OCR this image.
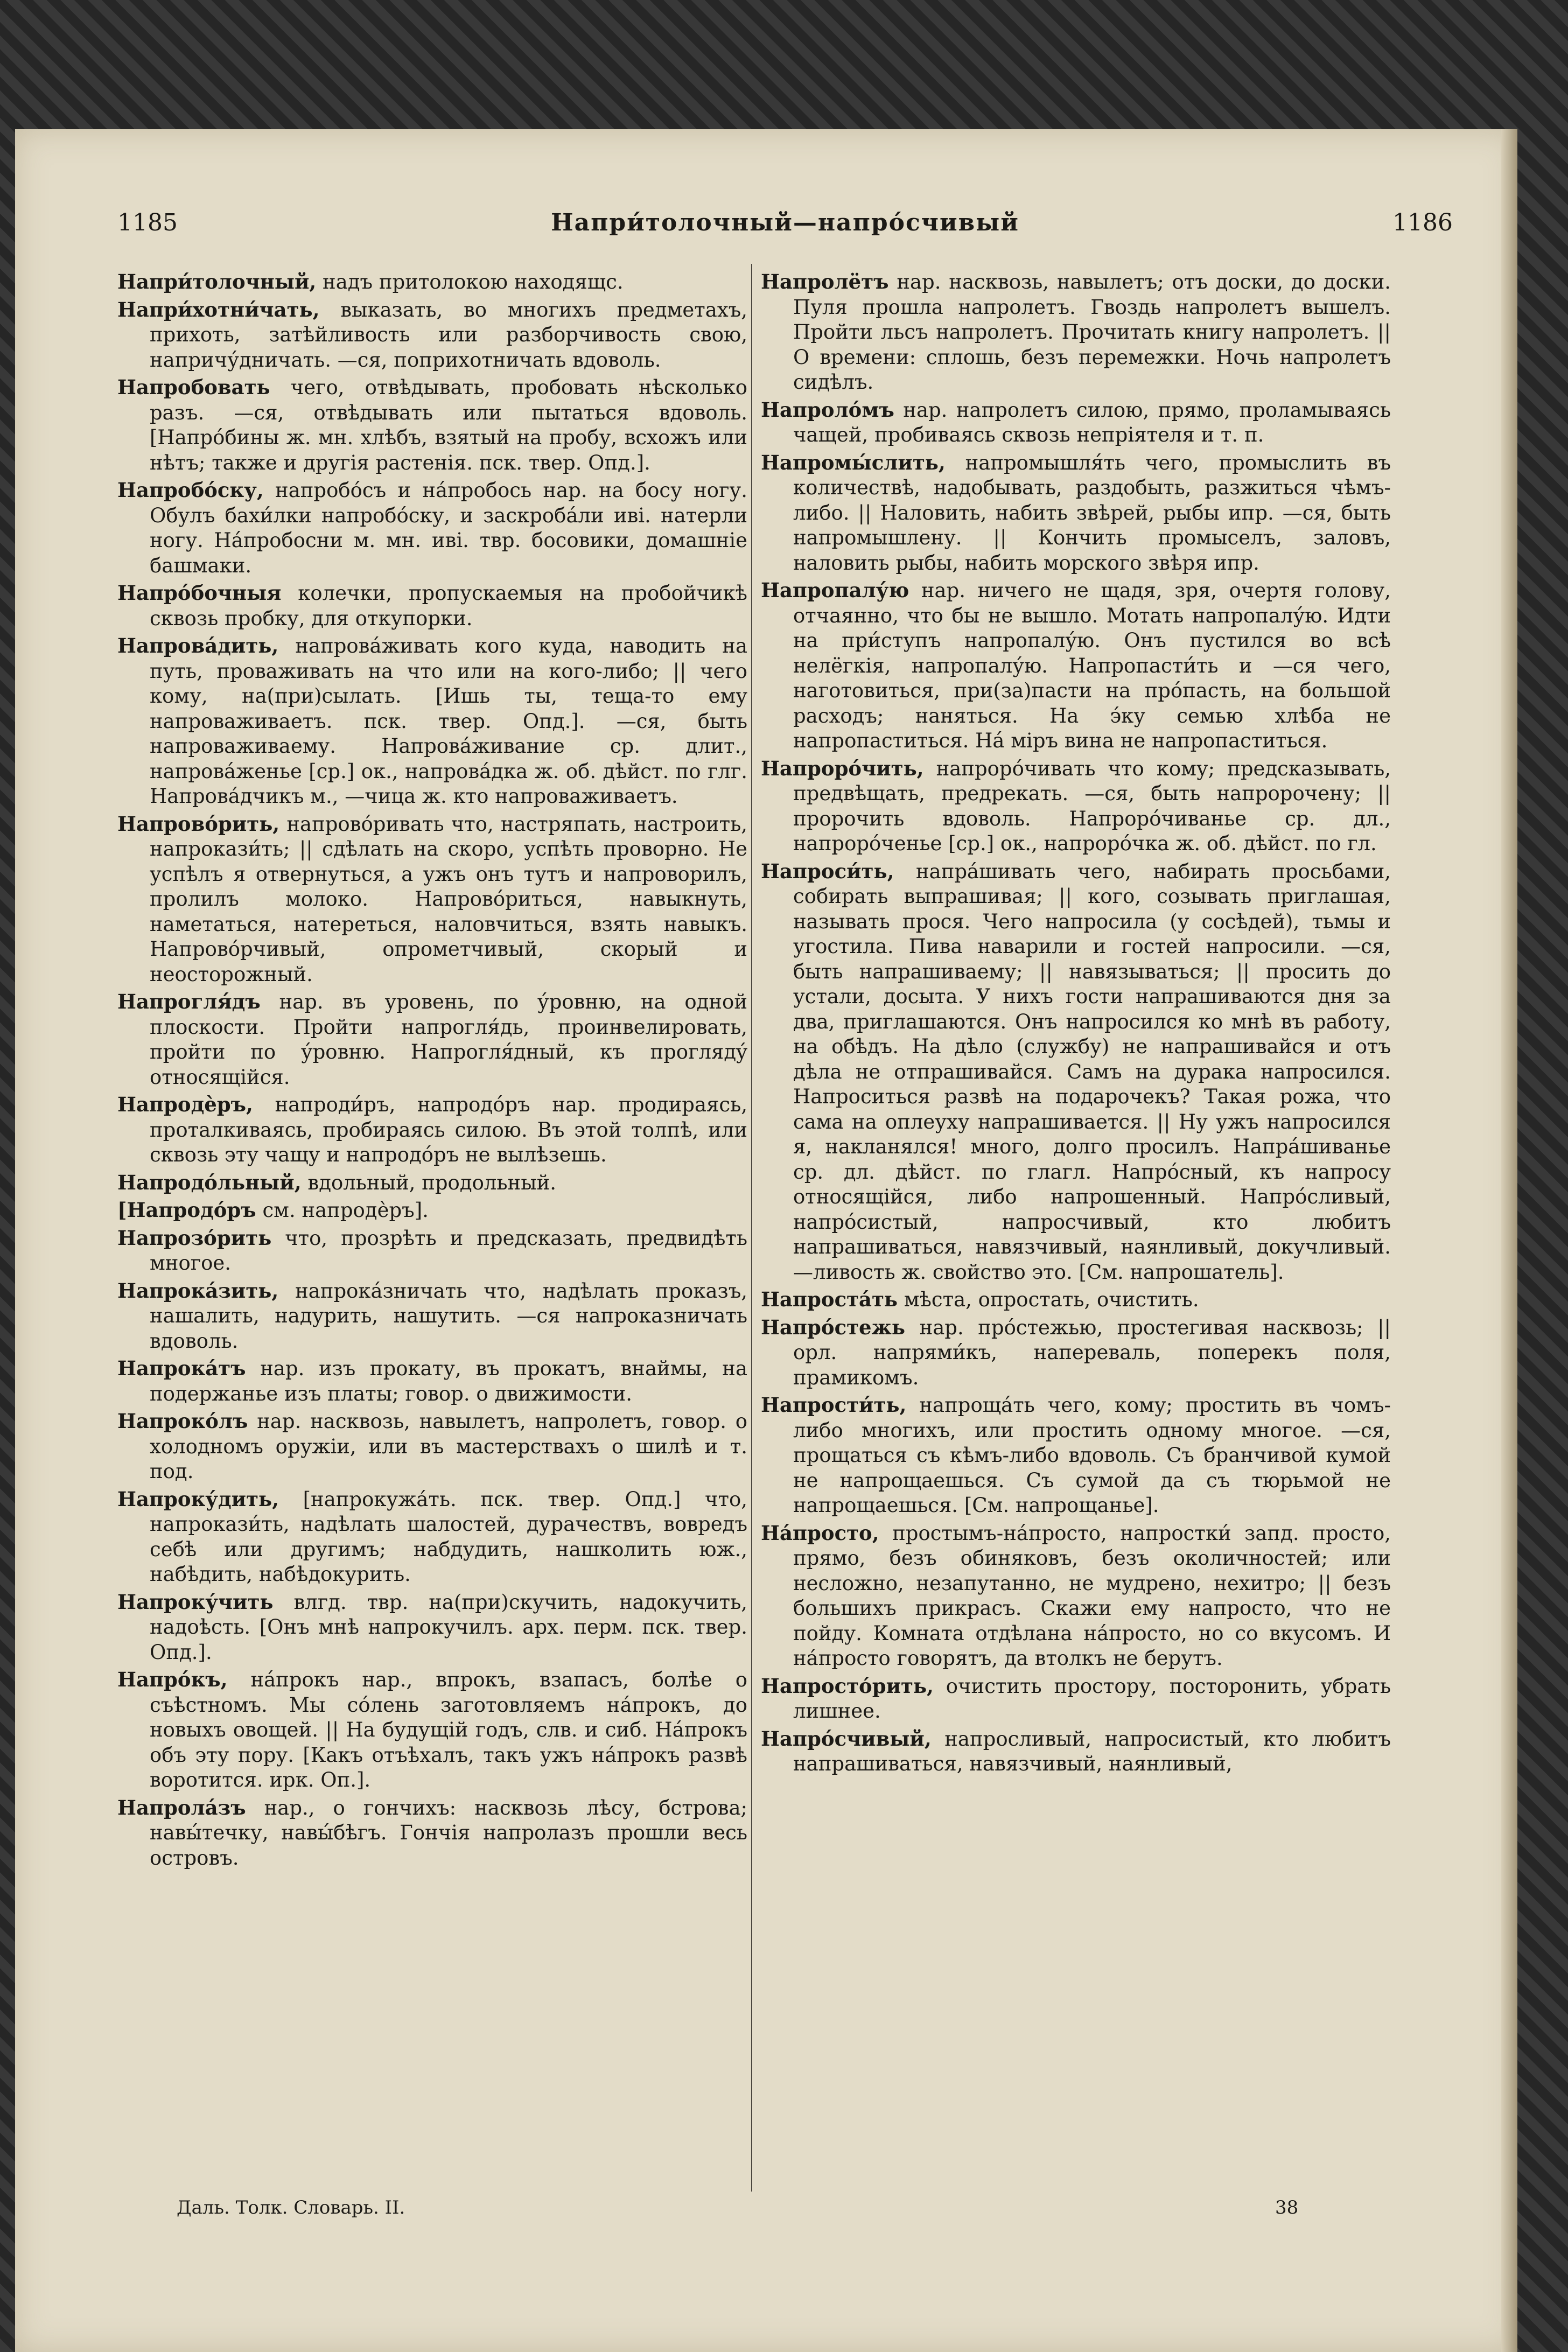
1185	Напри́толочный—напро́счивый	1186

Напри́толочный, надъ притолокою находящс.

Напри́хотни́чать, выказать, во многихъ предметахъ, прихоть, затѣйливость или разборчивость свою, напричу́дничать. —ся, поприхотничать вдоволь.

Напробовать чего, отвѣдывать, пробовать нѣсколько разъ. —ся, отвѣдывать или пытаться вдоволь. [Напро́бины ж. мн. хлѣбъ, взятый на пробу, всхожъ или нѣтъ; также и другія растенія. пск. твер. Опд.].

Напробо́ску, напробо́съ и на́пробось нар. на босу ногу. Обулъ бахи́лки напробо́ску, и заскробáли иві. натерли ногу. На́пробосни м. мн. иві. твр. босовики, домашніе башмаки.

Напро́бочныя колечки, пропускаемыя на пробойчикѣ сквозь пробку, для откупорки.

Напрова́дить, напрова́живать кого куда, наводить на путь, проваживать на что или на кого-либо; || чего кому, на(при)сылать. [Ишь ты, теща-то ему напроваживаетъ. пск. твер. Опд.]. —ся, быть напроваживаему. Напрова́живание ср. длит., напрова́женье [ср.] ок., напрова́дка ж. об. дѣйст. по глг. Напрова́дчикъ м., —чица ж. кто напроваживаетъ.

Напрово́рить, напрово́ривать что, настряпать, настроить, напрокази́ть; || сдѣлать на скоро, успѣть проворно. Не успѣлъ я отвернуться, а ужъ онъ тутъ и напроворилъ, пролилъ молоко. Напрово́риться, навыкнуть, наметаться, натереться, наловчиться, взять навыкъ. Напрово́рчивый, опрометчивый, скорый и неосторожный.

Напрогля́дъ нар. въ уровень, по у́ровню, на одной плоскости. Пройти напрогля́дь, проинвелировать, пройти по у́ровню. Напрогля́дный, къ проглядý относящійся.

Напродѐръ, напроди́ръ, напродóръ нар. продираясь, проталкиваясь, пробираясь силою. Въ этой толпѣ, или сквозь эту чащу и напродóръ не вылѣзешь.

Напродо́льный, вдольный, продольный.

[Напродо́ръ см. напродѐръ].

Напрозо́рить что, прозрѣть и предсказать, предвидѣть многое.

Напрока́зить, напрока́зничать что, надѣлать проказъ, нашалить, надурить, нашутить. —ся напроказничать вдоволь.

Напрока́тъ нар. изъ прокату, въ прокатъ, внаймы, на подержанье изъ платы; говор. о движимости.

Напроко́лъ нар. насквозь, навылетъ, напролетъ, говор. о холодномъ оружіи, или въ мастерствахъ о шилѣ и т. под.

Напроку́дить, [напрокужа́ть. пск. твер. Опд.] что, напрокази́ть, надѣлать шалостей, дурачествъ, вовредъ себѣ или другимъ; набдудить, нашколить юж., набѣдить, набѣдокурить.

Напроку́чить влгд. твр. на(при)скучить, надокучить, надоѣсть. [Онъ мнѣ напрокучилъ. арх. перм. пск. твер. Опд.].

Напро́къ, на́прокъ нар., впрокъ, взапасъ, болѣе о съѣстномъ. Мы сóлень заготовляемъ на́прокъ, до новыхъ овощей. || На будущій годъ, слв. и сиб. На́прокъ объ эту пору. [Какъ отъѣхалъ, такъ ужъ на́прокъ развѣ воротится. ирк. Оп.].

Напрола́зъ нар., о гончихъ: насквозь лѣсу, бстрова; навы́течку, навы́бѣгъ. Гончія напролазъ прошли весь островъ.

Напролётъ нар. насквозь, навылетъ; отъ доски, до доски. Пуля прошла напролетъ. Гвоздь напролетъ вышелъ. Пройти льсъ напролетъ. Прочитать книгу напролетъ. || О времени: сплошь, безъ перемежки. Ночь напролетъ сидѣлъ.

Напроло́мъ нар. напролетъ силою, прямо, проламываясь чащей, пробиваясь сквозь непріятеля и т. п.

Напромы́слить, напромышля́ть чего, промыслить въ количествѣ, надобывать, раздобыть, разжиться чѣмъ-либо. || Наловить, набить звѣрей, рыбы ипр. —ся, быть напромышлену. || Кончить промыселъ, заловъ, наловить рыбы, набить морского звѣря ипр.

Напропалу́ю нар. ничего не щадя, зря, очертя голову, отчаянно, что бы не вышло. Мотать напропалу́ю. Идти на при́ступъ напропалу́ю. Онъ пустился во всѣ нелёгкія, напропалу́ю. Напропасти́ть и —ся чего, наготовиться, при(за)пасти на про́пасть, на большой расходъ; наняться. На э́ку семью хлѣба не напропаститься. На́ міръ вина не напропаститься.

Напроро́чить, напроро́чивать что кому; предсказывать, предвѣщать, предрекать. —ся, быть напророчену; || пророчить вдоволь. Напроро́чиванье ср. дл., напроро́ченье [ср.] ок., напроро́чка ж. об. дѣйст. по гл.

Напроси́ть, напра́шивать чего, набирать просьбами, собирать выпрашивая; || кого, созывать приглашая, называть прося. Чего напросила (у сосѣдей), тьмы и угостила. Пива наварили и гостей напросили. —ся, быть напрашиваему; || навязываться; || просить до устали, досыта. У нихъ гости напрашиваются дня за два, приглашаются. Онъ напросился ко мнѣ въ работу, на обѣдъ. На дѣло (службу) не напрашивайся и отъ дѣла не отпрашивайся. Самъ на дурака напросился. Напроситься развѣ на подарочекъ? Такая рожа, что сама на оплеуху напрашивается. || Ну ужъ напросился я, накланялся! много, долго просилъ. Напра́шиванье ср. дл. дѣйст. по глагл. Напро́сный, къ напросу относящійся, либо напрошенный. Напро́сливый, напро́систый, напросчивый, кто любитъ напрашиваться, навязчивый, наянливый, докучливый. —ливость ж. свойство это. [См. напрошатель].

Напроста́ть мѣста, опростать, очистить.

Напро́стежь нар. про́стежью, простегивая насквозь; || орл. напрями́къ, напереваль, поперекъ поля, прамикомъ.

Напрости́ть, напроща́ть чего, кому; простить въ чомъ-либо многихъ, или простить одному многое. —ся, прощаться съ кѣмъ-либо вдоволь. Съ бранчивой кумой не напрощаешься. Съ сумой да съ тюрьмой не напрощаешься. [См. напрощанье].

На́просто, простымъ-на́просто, напростки́ запд. просто, прямо, безъ обиняковъ, безъ околичностей; или несложно, незапутанно, не мудрено, нехитро; || безъ большихъ прикрасъ. Скажи ему напросто, что не пойду. Комната отдѣлана на́просто, но со вкусомъ. И на́просто говорятъ, да втолкъ не берутъ.

Напросто́рить, очистить простору, посторонить, убрать лишнее.

Напро́счивый, напросливый, напросистый, кто любитъ напрашиваться, навязчивый, наянливый,

Даль. Толк. Словарь. II.	38
